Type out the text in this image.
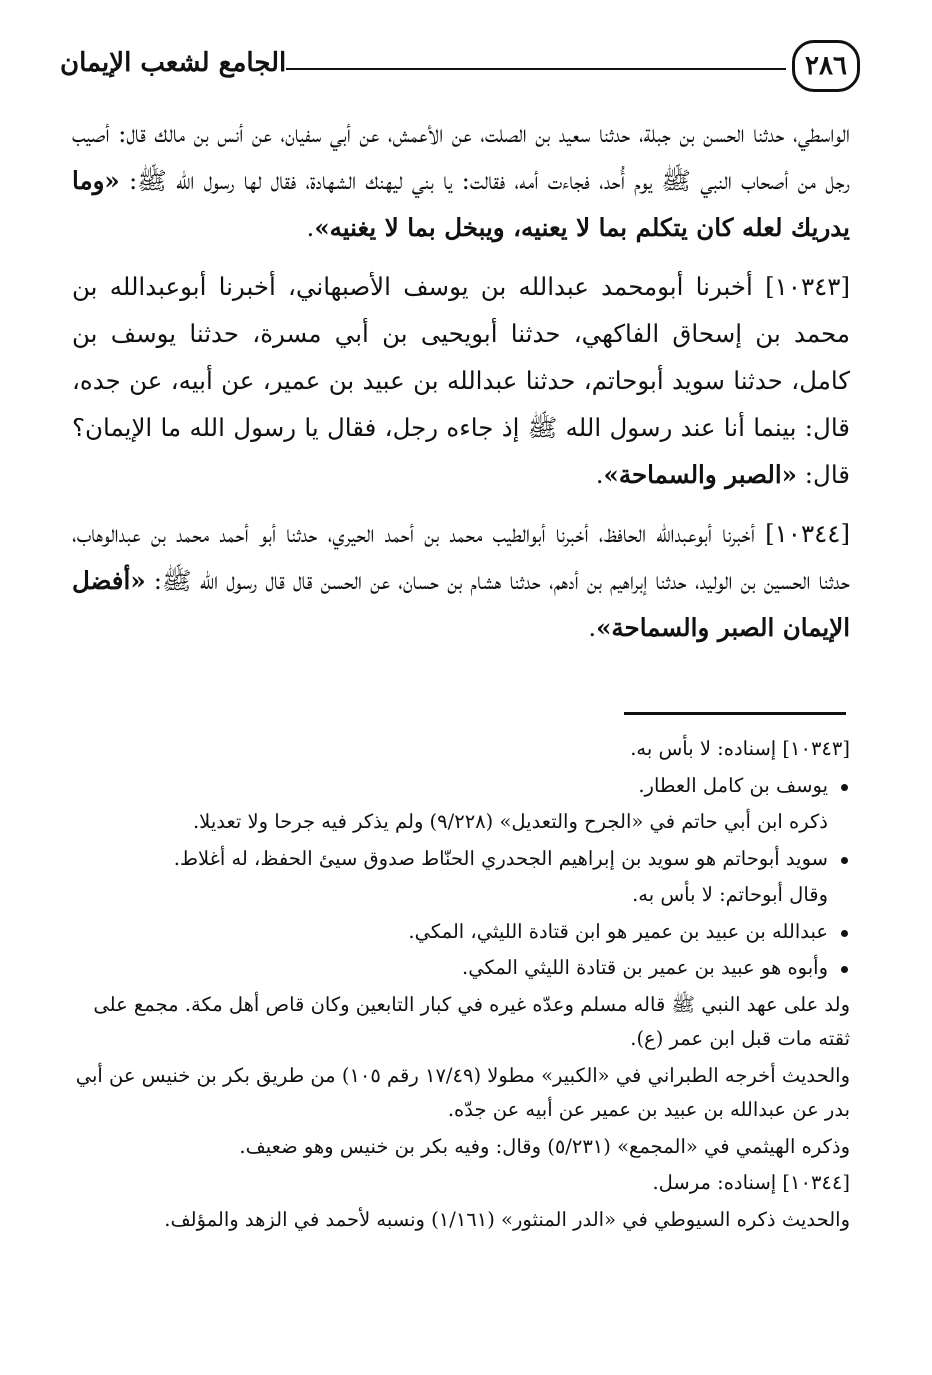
٢٨٦
الجامع لشعب الإيمان

الواسطي، حدثنا الحسن بن جبلة، حدثنا سعيد بن الصلت، عن الأعمش، عن أبي سفيان، عن أنس بن مالك قال: أصيب رجل من أصحاب النبي ﷺ يوم أُحد، فجاءت أمه، فقالت: يا بني ليهنك الشهادة، فقال لها رسول الله ﷺ: «وما يدريك لعله كان يتكلم بما لا يعنيه، ويبخل بما لا يغنيه».

[١٠٣٤٣] أخبرنا أبومحمد عبدالله بن يوسف الأصبهاني، أخبرنا أبوعبدالله بن محمد بن إسحاق الفاكهي، حدثنا أبويحيى بن أبي مسرة، حدثنا يوسف بن كامل، حدثنا سويد أبوحاتم، حدثنا عبدالله بن عبيد بن عمير، عن أبيه، عن جده، قال: بينما أنا عند رسول الله ﷺ إذ جاءه رجل، فقال يا رسول الله ما الإيمان؟ قال: «الصبر والسماحة».

[١٠٣٤٤] أخبرنا أبوعبدالله الحافظ، أخبرنا أبوالطيب محمد بن أحمد الحيري، حدثنا أبو أحمد محمد بن عبدالوهاب، حدثنا الحسين بن الوليد، حدثنا إبراهيم بن أدهم، حدثنا هشام بن حسان، عن الحسن قال قال رسول الله ﷺ: «أفضل الإيمان الصبر والسماحة».

[١٠٣٤٣] إسناده: لا بأس به.

يوسف بن كامل العطار.

ذكره ابن أبي حاتم في «الجرح والتعديل» (٩/٢٢٨) ولم يذكر فيه جرحا ولا تعديلا.

سويد أبوحاتم هو سويد بن إبراهيم الجحدري الحنّاط صدوق سيئ الحفظ، له أغلاط.

وقال أبوحاتم: لا بأس به.

عبدالله بن عبيد بن عمير هو ابن قتادة الليثي، المكي.

وأبوه هو عبيد بن عمير بن قتادة الليثي المكي.

ولد على عهد النبي ﷺ قاله مسلم وعدّه غيره في كبار التابعين وكان قاص أهل مكة. مجمع على ثقته مات قبل ابن عمر (ع).

والحديث أخرجه الطبراني في «الكبير» مطولا (١٧/٤٩ رقم ١٠٥) من طريق بكر بن خنيس عن أبي بدر عن عبدالله بن عبيد بن عمير عن أبيه عن جدّه.

وذكره الهيثمي في «المجمع» (٥/٢٣١) وقال: وفيه بكر بن خنيس وهو ضعيف.

[١٠٣٤٤] إسناده: مرسل.

والحديث ذكره السيوطي في «الدر المنثور» (١/١٦١) ونسبه لأحمد في الزهد والمؤلف.
